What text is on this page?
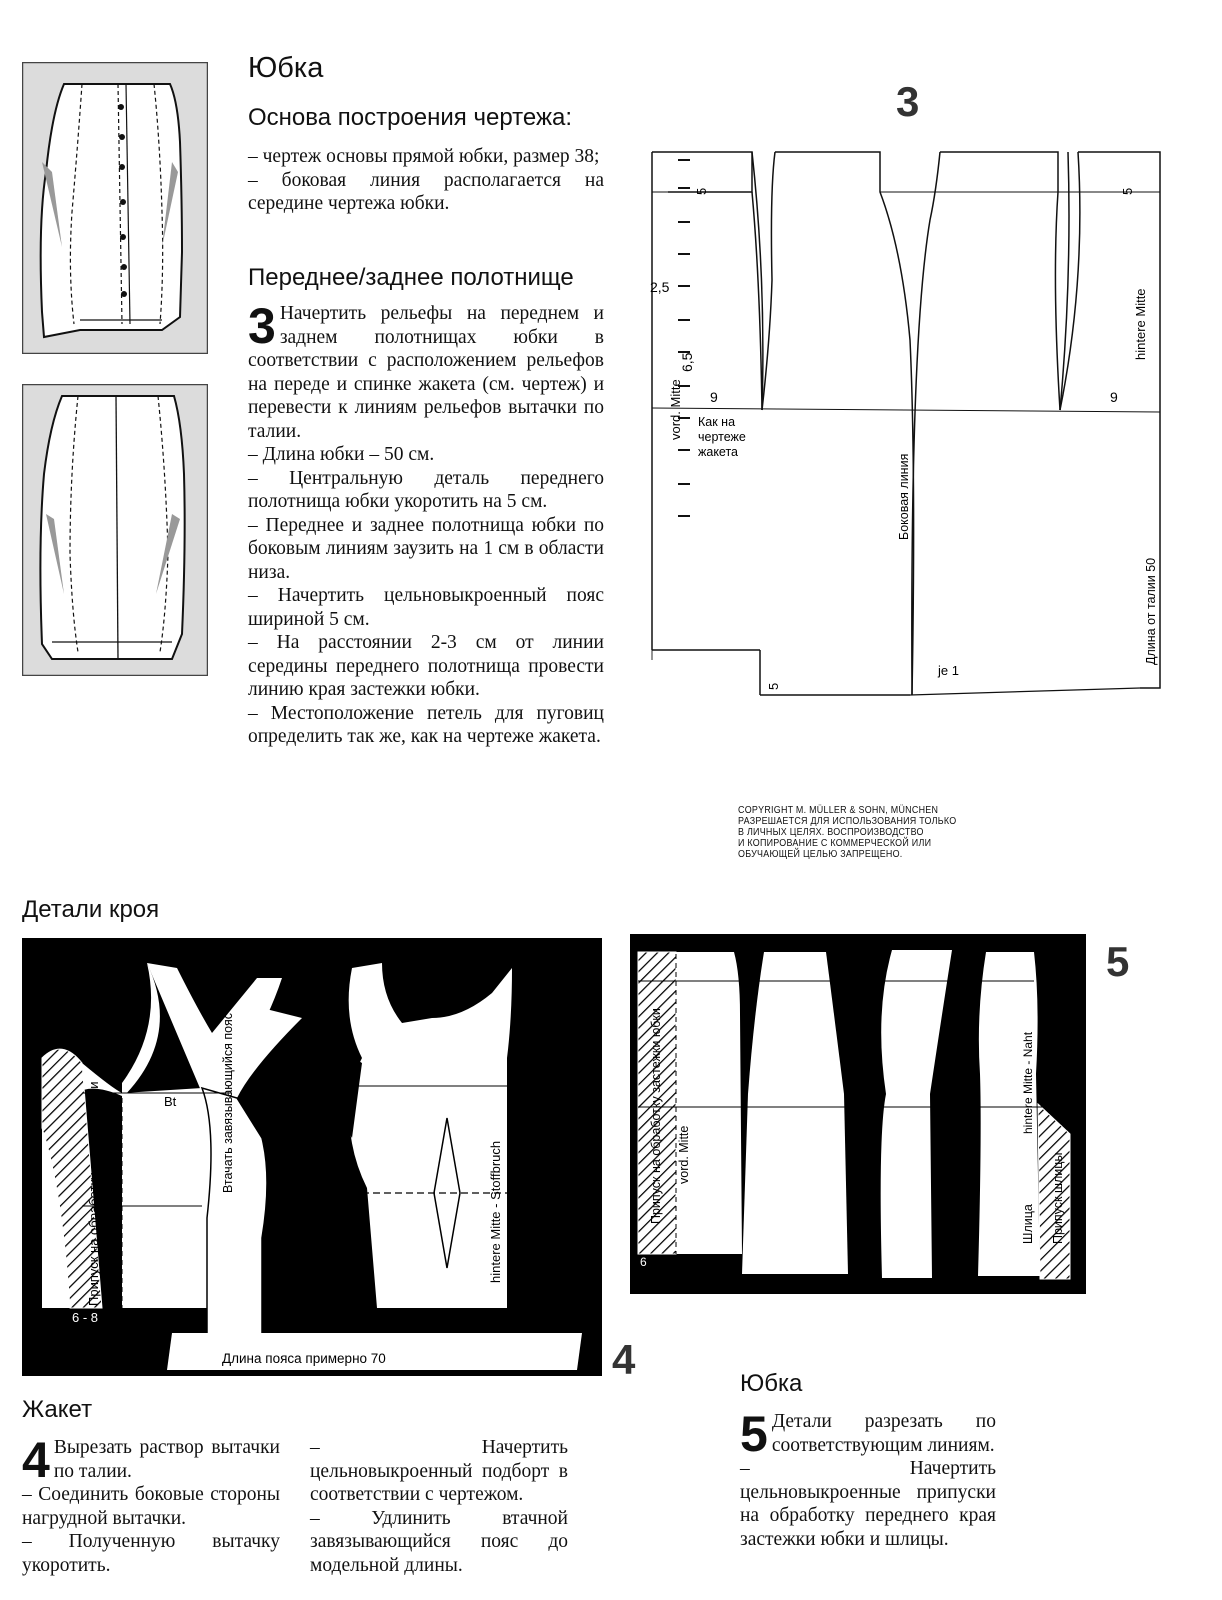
Юбка
Основа построения чертежа:

– чертеж основы прямой юбки, размер 38;

– боковая линия располагается на середине чертежа юбки.

Переднее/заднее полотнище

3 Начертить рельефы на переднем и заднем полотнищах юбки в соответствии с расположением рельефов на переде и спинке жакета (см. чертеж) и перевести к линиям рельефов вытачки по талии.

– Длина юбки – 50 см.

– Центральную деталь переднего полотнища юбки укоротить на 5 см.

– Переднее и заднее полотнища юбки по боковым линиям заузить на 1 см в области низа.

– Начертить цельновыкроенный пояс шириной 5 см.

– На расстоянии 2-3 см от линии середины переднего полотнища провести линию края застежки юбки.

– Местоположение петель для пуговиц определить так же, как на чертеже жакета.

3
5	5
2,5
6,5
9	9
vord. Mitte
hintere Mitte
Как на
чертеже
жакета
Боковая линия
Длина от талии 50
5
je 1
COPYRIGHT M. MÜLLER & SOHN, MÜNCHEN
РАЗРЕШАЕТСЯ ДЛЯ ИСПОЛЬЗОВАНИЯ ТОЛЬКО
В ЛИЧНЫХ ЦЕЛЯХ. ВОСПРОИЗВОДСТВО
И КОПИРОВАНИЕ С КОММЕРЧЕСКОЙ ИЛИ
ОБУЧАЮЩЕЙ ЦЕЛЬЮ ЗАПРЕЩЕНО.
Детали кроя
Припуск на обработку застежки юбки vord. Mitte
Bt	Втачать завязывающийся пояс
hintere Mitte - Stoffbruch
6 - 8
Длина пояса примерно 70	4
Припуск на обработку застежки юбки vord. Mitte
hintere Mitte - Naht
Шлица Припуск шлицы
6
5
Жакет

4 Вырезать раствор вытачки по талии.

– Соединить боковые стороны нагрудной вытачки.

– Полученную вытачку укоротить.

– Начертить цельновыкроенный подборт в соответствии с чертежом.

– Удлинить втачной завязывающийся пояс до модельной длины.

Юбка

5 Детали разрезать по соответствующим линиям.

– Начертить цельновыкроенные припуски на обработку переднего края застежки юбки и шлицы.
